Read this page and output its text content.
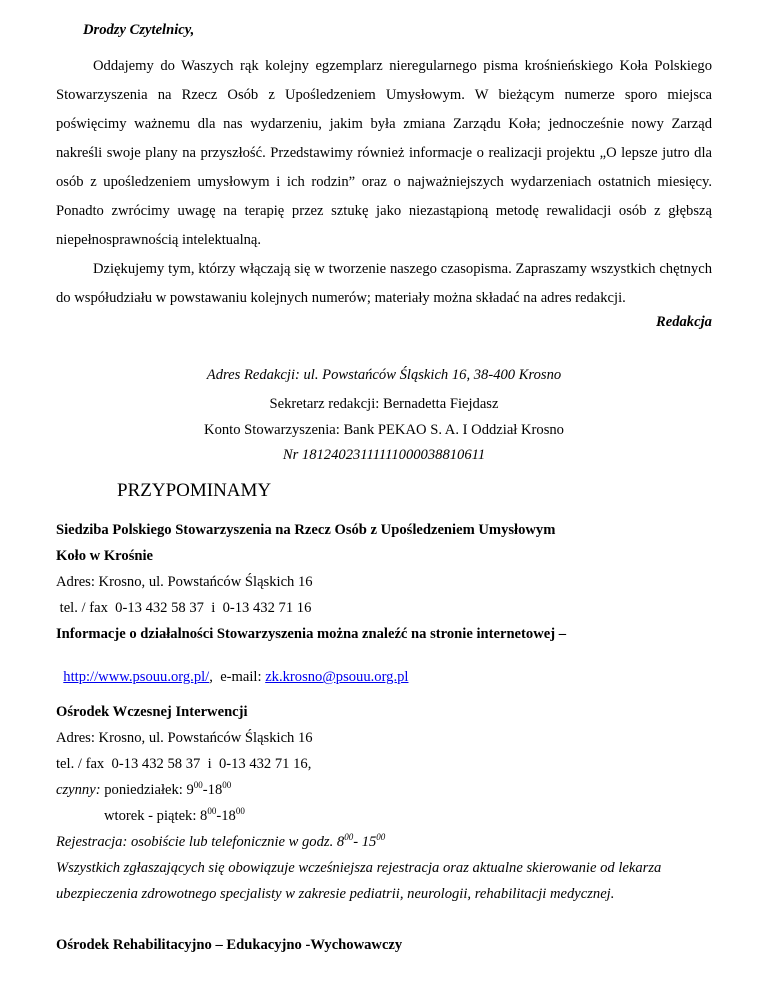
Drodzy Czytelnicy,

Oddajemy do Waszych rąk kolejny egzemplarz nieregularnego pisma krośnieńskiego Koła Polskiego Stowarzyszenia na Rzecz Osób z Upośledzeniem Umysłowym. W bieżącym numerze sporo miejsca poświęcimy ważnemu dla nas wydarzeniu, jakim była zmiana Zarządu Koła; jednocześnie nowy Zarząd nakreśli swoje plany na przyszłość. Przedstawimy również informacje o realizacji projektu „O lepsze jutro dla osób z upośledzeniem umysłowym i ich rodzin” oraz o najważniejszych wydarzeniach ostatnich miesięcy. Ponadto zwrócimy uwagę na terapię przez sztukę jako niezastąpioną metodę rewalidacji osób z głębszą niepełnosprawnością intelektualną.

Dziękujemy tym, którzy włączają się w tworzenie naszego czasopisma. Zapraszamy wszystkich chętnych do współudziału w powstawaniu kolejnych numerów; materiały można składać na adres redakcji.

Redakcja
Adres Redakcji: ul. Powstańców Śląskich 16, 38-400 Krosno
Sekretarz redakcji: Bernadetta Fiejdasz
Konto Stowarzyszenia: Bank PEKAO S. A. I Oddział Krosno
Nr 18124023111111000038810611
PRZYPOMINAMY
Siedziba Polskiego Stowarzyszenia na Rzecz Osób z Upośledzeniem Umysłowym
Koło w Krośnie
Adres: Krosno, ul. Powstańców Śląskich 16
tel. / fax  0-13 432 58 37  i  0-13 432 71 16
Informacje o działalności Stowarzyszenia można znaleźć na stronie internetowej –

http://www.psouu.org.pl/,  e-mail: zk.krosno@psouu.org.pl

Ośrodek Wczesnej Interwencji
Adres: Krosno, ul. Powstańców Śląskich 16
tel. / fax  0-13 432 58 37  i  0-13 432 71 16,
czynny: poniedziałek: $9^{00}-18^{00}$
wtorek - piątek: $8^{00}-18^{00}$
Rejestracja: osobiście lub telefonicznie w godz. $8^{00}-$ $15^{00}$
Wszystkich zgłaszających się obowiązuje wcześniejsza rejestracja oraz aktualne skierowanie od lekarza
ubezpieczenia zdrowotnego specjalisty w zakresie pediatrii, neurologii, rehabilitacji medycznej.
Ośrodek Rehabilitacyjno – Edukacyjno -Wychowawczy
